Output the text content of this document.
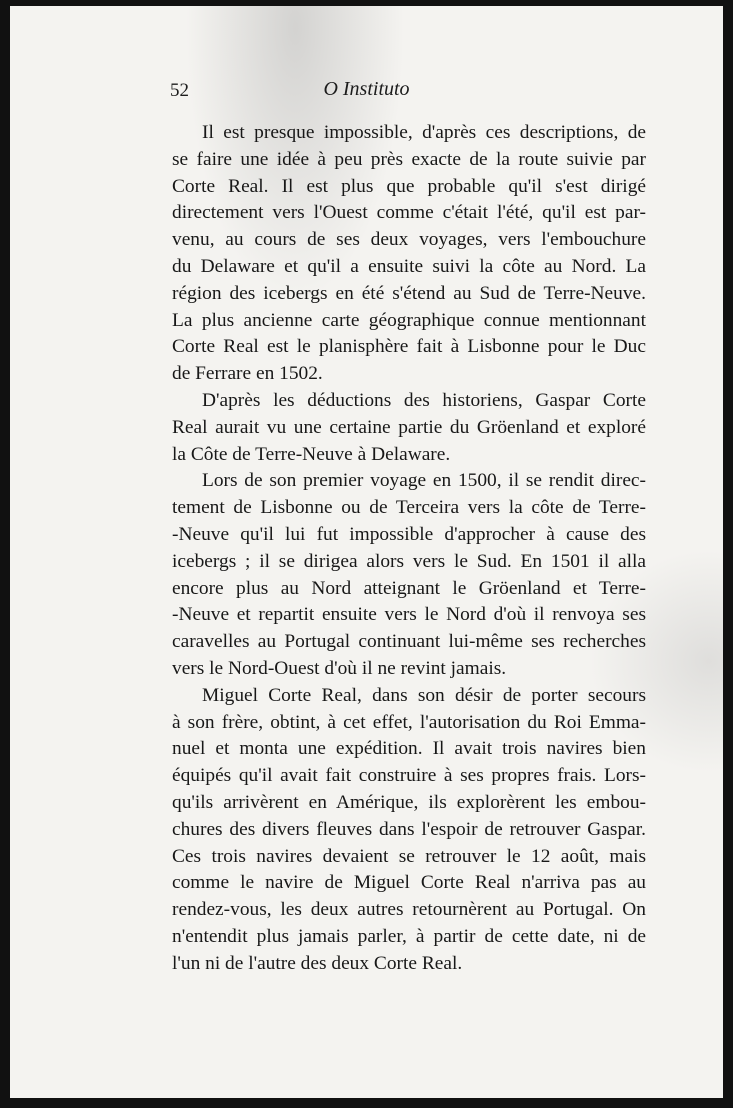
52	O Instituto
Il est presque impossible, d'après ces descriptions, de
se faire une idée à peu près exacte de la route suivie par
Corte Real. Il est plus que probable qu'il s'est dirigé
directement vers l'Ouest comme c'était l'été, qu'il est par-
venu, au cours de ses deux voyages, vers l'embouchure
du Delaware et qu'il a ensuite suivi la côte au Nord. La
région des icebergs en été s'étend au Sud de Terre-Neuve.
La plus ancienne carte géographique connue mentionnant
Corte Real est le planisphère fait à Lisbonne pour le Duc
de Ferrare en 1502.
D'après les déductions des historiens, Gaspar Corte
Real aurait vu une certaine partie du Gröenland et exploré
la Côte de Terre-Neuve à Delaware.
Lors de son premier voyage en 1500, il se rendit direc-
tement de Lisbonne ou de Terceira vers la côte de Terre-
-Neuve qu'il lui fut impossible d'approcher à cause des
icebergs ; il se dirigea alors vers le Sud. En 1501 il alla
encore plus au Nord atteignant le Gröenland et Terre-
-Neuve et repartit ensuite vers le Nord d'où il renvoya ses
caravelles au Portugal continuant lui-même ses recherches
vers le Nord-Ouest d'où il ne revint jamais.
Miguel Corte Real, dans son désir de porter secours
à son frère, obtint, à cet effet, l'autorisation du Roi Emma-
nuel et monta une expédition. Il avait trois navires bien
équipés qu'il avait fait construire à ses propres frais. Lors-
qu'ils arrivèrent en Amérique, ils explorèrent les embou-
chures des divers fleuves dans l'espoir de retrouver Gaspar.
Ces trois navires devaient se retrouver le 12 août, mais
comme le navire de Miguel Corte Real n'arriva pas au
rendez-vous, les deux autres retournèrent au Portugal. On
n'entendit plus jamais parler, à partir de cette date, ni de
l'un ni de l'autre des deux Corte Real.
